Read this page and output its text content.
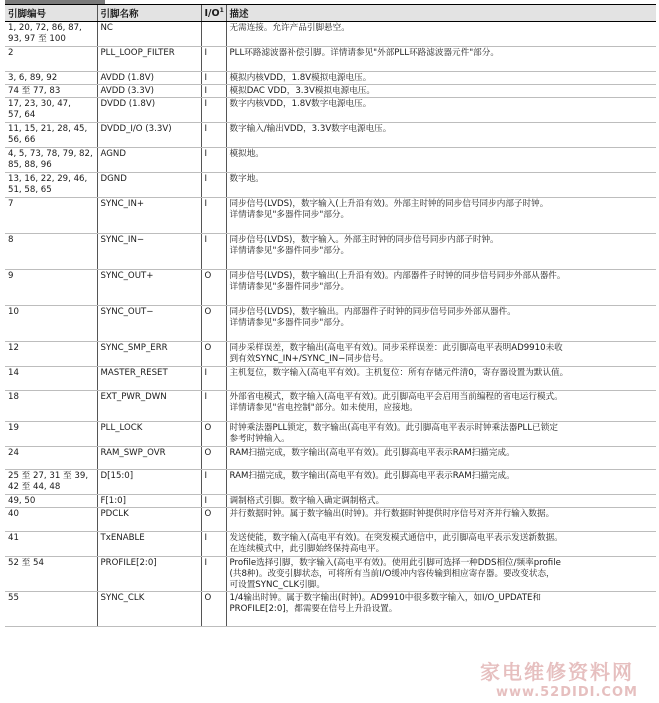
引脚编号	引脚名称	$I/O^1$	描述
1, 20, 72, 86, 87,
93, 97 至 100	NC		无需连接。允许产品引脚悬空。
2	PLL_LOOP_FILTER	I	PLL环路滤波器补偿引脚。详情请参见"外部PLL环路滤波器元件"部分。
3, 6, 89, 92	AVDD (1.8V)	I	模拟内核VDD，1.8V模拟电源电压。
74 至 77, 83	AVDD (3.3V)	I	模拟DAC VDD，3.3V模拟电源电压。
17, 23, 30, 47,
57, 64	DVDD (1.8V)	I	数字内核VDD，1.8V数字电源电压。
11, 15, 21, 28, 45,
56, 66	DVDD_I/O (3.3V)	I	数字输入/输出VDD，3.3V数字电源电压。
4, 5, 73, 78, 79, 82,
85, 88, 96	AGND	I	模拟地。
13, 16, 22, 29, 46,
51, 58, 65	DGND	I	数字地。
7	SYNC_IN+	I	同步信号(LVDS)，数字输入(上升沿有效)。外部主时钟的同步信号同步内部子时钟。
详情请参见"多器件同步"部分。
8	SYNC_IN−	I	同步信号(LVDS)，数字输入。外部主时钟的同步信号同步内部子时钟。
详情请参见"多器件同步"部分。
9	SYNC_OUT+	O	同步信号(LVDS)，数字输出(上升沿有效)。内部器件子时钟的同步信号同步外部从器件。
详情请参见"多器件同步"部分。
10	SYNC_OUT−	O	同步信号(LVDS)，数字输出。内部器件子时钟的同步信号同步外部从器件。
详情请参见"多器件同步"部分。
12	SYNC_SMP_ERR	O	同步采样误差，数字输出(高电平有效)。同步采样误差：此引脚高电平表明AD9910未收
到有效SYNC_IN+/SYNC_IN−同步信号。
14	MASTER_RESET	I	主机复位，数字输入(高电平有效)。主机复位：所有存储元件清0，寄存器设置为默认值。
18	EXT_PWR_DWN	I	外部省电模式，数字输入(高电平有效)。此引脚高电平会启用当前编程的省电运行模式。
详情请参见"省电控制"部分。如未使用，应接地。
19	PLL_LOCK	O	时钟乘法器PLL锁定，数字输出(高电平有效)。此引脚高电平表示时钟乘法器PLL已锁定
参考时钟输入。
24	RAM_SWP_OVR	O	RAM扫描完成，数字输出(高电平有效)。此引脚高电平表示RAM扫描完成。
25 至 27, 31 至 39,
42 至 44, 48	D[15:0]	I	RAM扫描完成，数字输出(高电平有效)。此引脚高电平表示RAM扫描完成。
49, 50	F[1:0]	I	调制格式引脚。数字输入确定调制格式。
40	PDCLK	O	并行数据时钟。属于数字输出(时钟)。并行数据时钟提供时序信号对齐并行输入数据。
41	TxENABLE	I	发送使能，数字输入(高电平有效)。在突发模式通信中，此引脚高电平表示发送新数据。
在连续模式中，此引脚始终保持高电平。
52 至 54	PROFILE[2:0]	I	Profile选择引脚，数字输入(高电平有效)。使用此引脚可选择一种DDS相位/频率profile
(共8种)。改变引脚状态，可将所有当前I/O缓冲内容传输到相应寄存器。要改变状态，
可设置SYNC_CLK引脚。
55	SYNC_CLK	O	1/4输出时钟。属于数字输出(时钟)。AD9910中很多数字输入，如I/O_UPDATE和
PROFILE[2:0]，都需要在信号上升沿设置。
家电维修资料网
www.52DIDI.COM
